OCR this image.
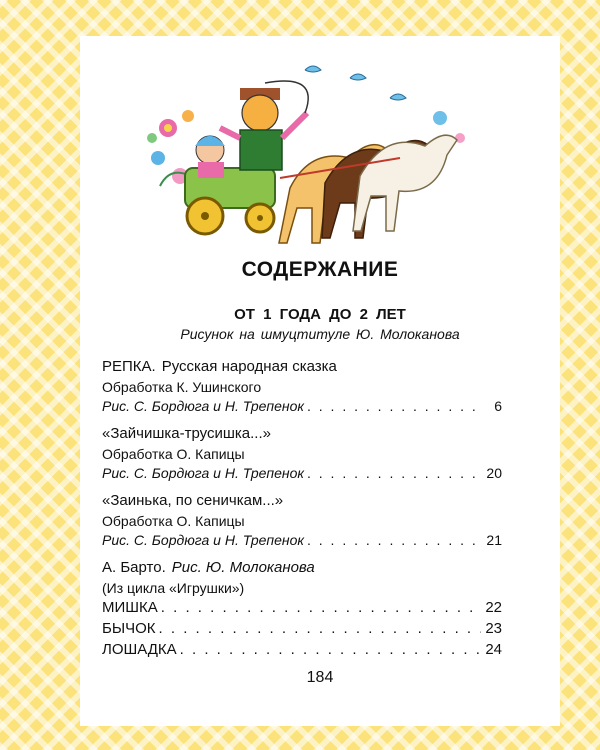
СОДЕРЖАНИЕ
ОТ 1 ГОДА ДО 2 ЛЕТ
Рисунок на шмуцтитуле Ю. Молоканова
РЕПКА. Русская народная сказка
Обработка К. Ушинского
Рис. С. Бордюга и Н. Трепенок . . .	6
«Зайчишка-трусишка...»
Обработка О. Капицы
Рис. С. Бордюга и Н. Трепенок . . .	20
«Заинька, по сеничкам...»
Обработка О. Капицы
Рис. С. Бордюга и Н. Трепенок . . .	21
А. Барто. Рис. Ю. Молоканова
(Из цикла «Игрушки»)
МИШКА . . .	22
БЫЧОК . . .	23
ЛОШАДКА . . .	24
184
